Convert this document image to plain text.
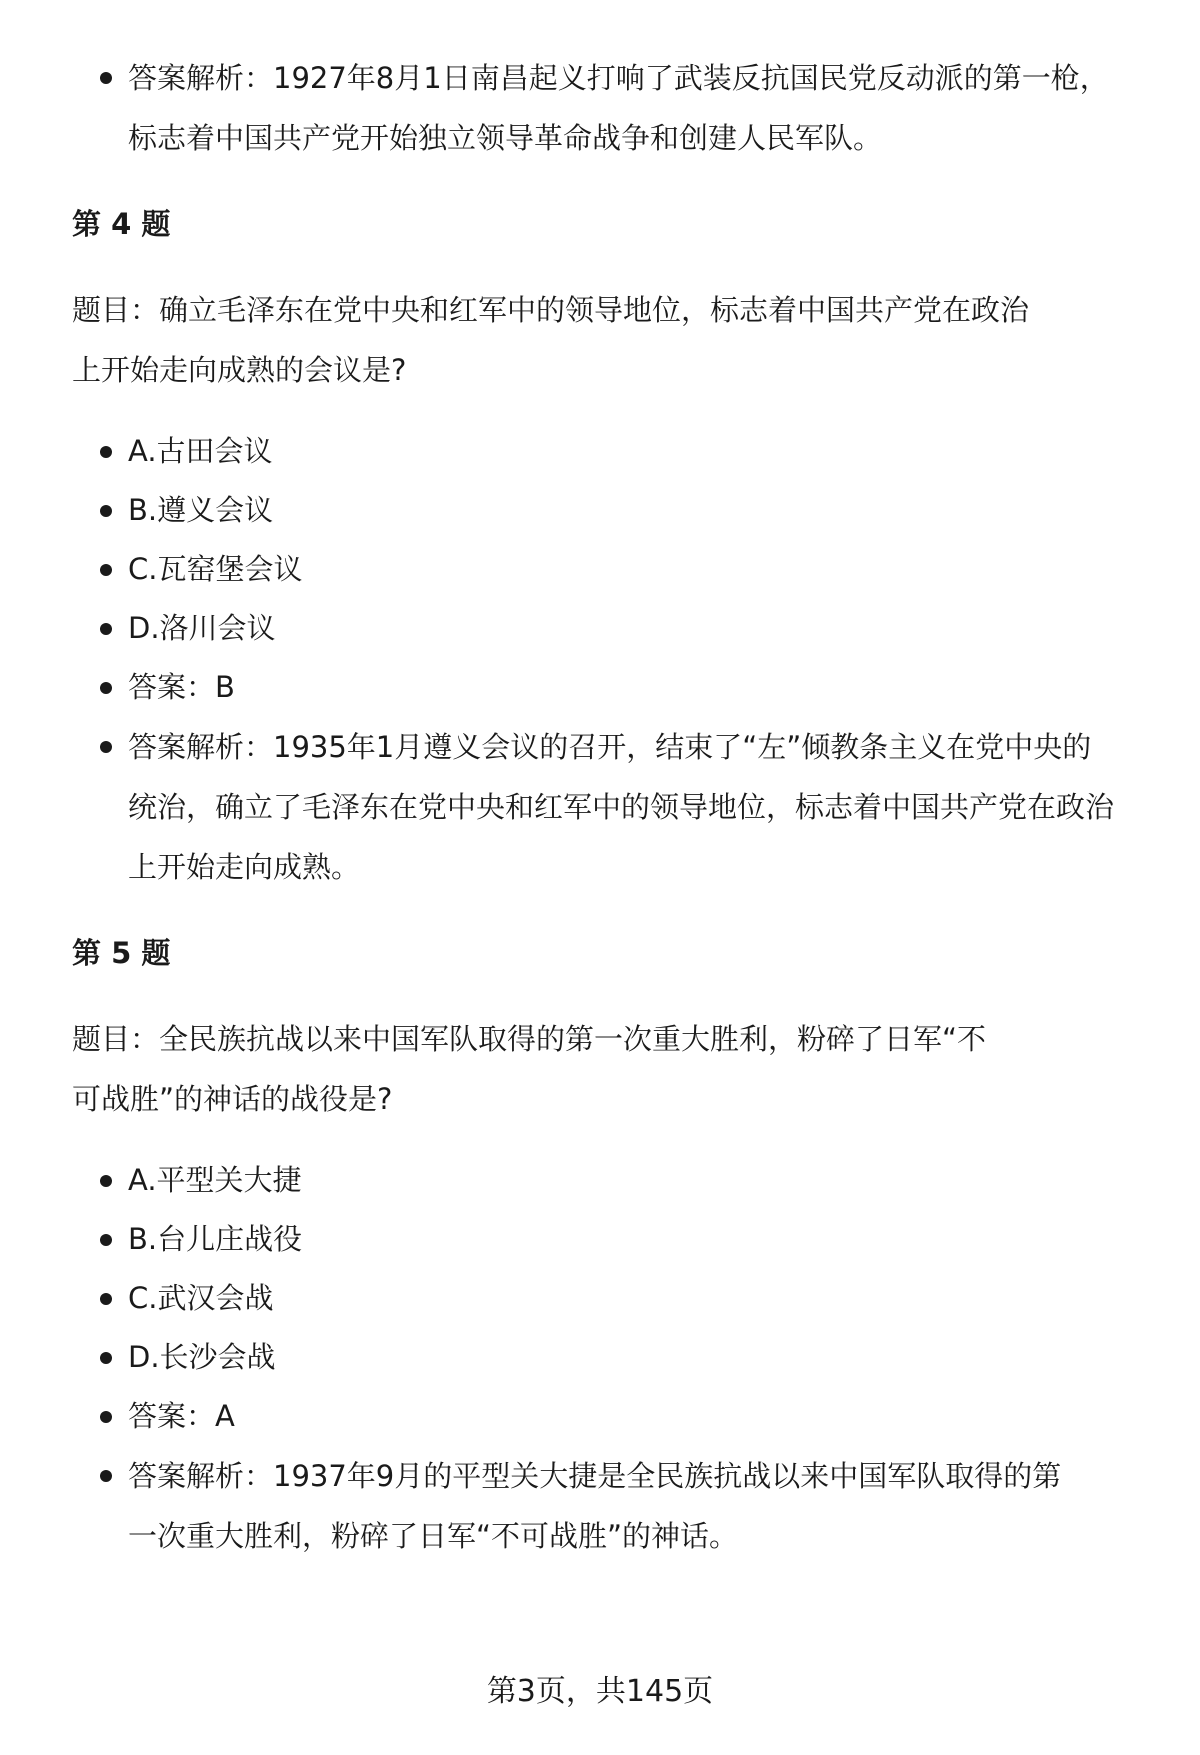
答案解析：1927年8月1日南昌起义打响了武装反抗国民党反动派的第一枪，标志着中国共产党开始独立领导革命战争和创建人民军队。

第 4 题

题目：确立毛泽东在党中央和红军中的领导地位，标志着中国共产党在政治上开始走向成熟的会议是?

A.古田会议
B.遵义会议
C.瓦窑堡会议
D.洛川会议
答案：B
答案解析：1935年1月遵义会议的召开，结束了“左”倾教条主义在党中央的统治，确立了毛泽东在党中央和红军中的领导地位，标志着中国共产党在政治上开始走向成熟。

第 5 题

题目：全民族抗战以来中国军队取得的第一次重大胜利，粉碎了日军“不可战胜”的神话的战役是?

A.平型关大捷
B.台儿庄战役
C.武汉会战
D.长沙会战
答案：A
答案解析：1937年9月的平型关大捷是全民族抗战以来中国军队取得的第一次重大胜利，粉碎了日军“不可战胜”的神话。
第3页，共145页
